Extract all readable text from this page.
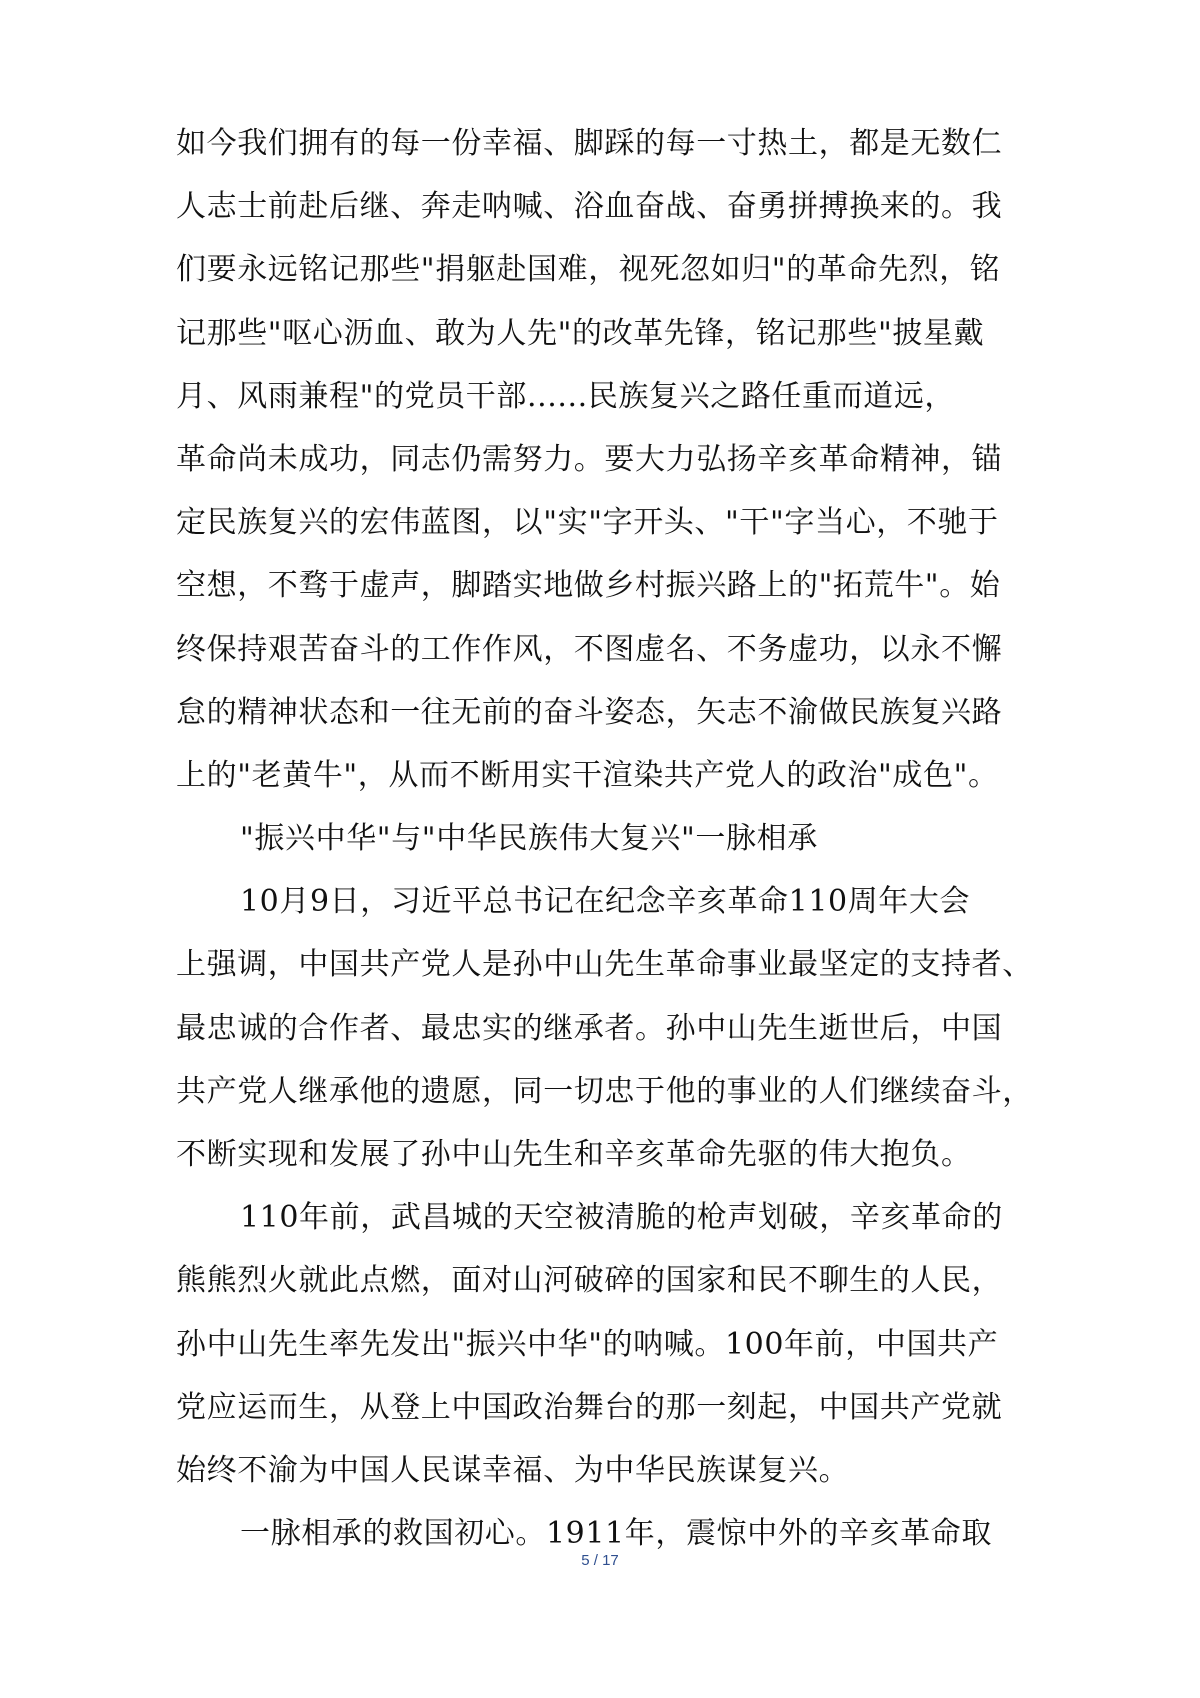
如今我们拥有的每一份幸福、脚踩的每一寸热土，都是无数仁
人志士前赴后继、奔走呐喊、浴血奋战、奋勇拼搏换来的。我
们要永远铭记那些"捐躯赴国难，视死忽如归"的革命先烈，铭
记那些"呕心沥血、敢为人先"的改革先锋，铭记那些"披星戴
月、风雨兼程"的党员干部......民族复兴之路任重而道远，
革命尚未成功，同志仍需努力。要大力弘扬辛亥革命精神，锚
定民族复兴的宏伟蓝图，以"实"字开头、"干"字当心，不驰于
空想，不骛于虚声，脚踏实地做乡村振兴路上的"拓荒牛"。始
终保持艰苦奋斗的工作作风，不图虚名、不务虚功，以永不懈
怠的精神状态和一往无前的奋斗姿态，矢志不渝做民族复兴路
上的"老黄牛"，从而不断用实干渲染共产党人的政治"成色"。
"振兴中华"与"中华民族伟大复兴"一脉相承
10月9日，习近平总书记在纪念辛亥革命110周年大会
上强调，中国共产党人是孙中山先生革命事业最坚定的支持者、
最忠诚的合作者、最忠实的继承者。孙中山先生逝世后，中国
共产党人继承他的遗愿，同一切忠于他的事业的人们继续奋斗，
不断实现和发展了孙中山先生和辛亥革命先驱的伟大抱负。
110年前，武昌城的天空被清脆的枪声划破，辛亥革命的
熊熊烈火就此点燃，面对山河破碎的国家和民不聊生的人民，
孙中山先生率先发出"振兴中华"的呐喊。100年前，中国共产
党应运而生，从登上中国政治舞台的那一刻起，中国共产党就
始终不渝为中国人民谋幸福、为中华民族谋复兴。
一脉相承的救国初心。1911年，震惊中外的辛亥革命取
5 / 17
